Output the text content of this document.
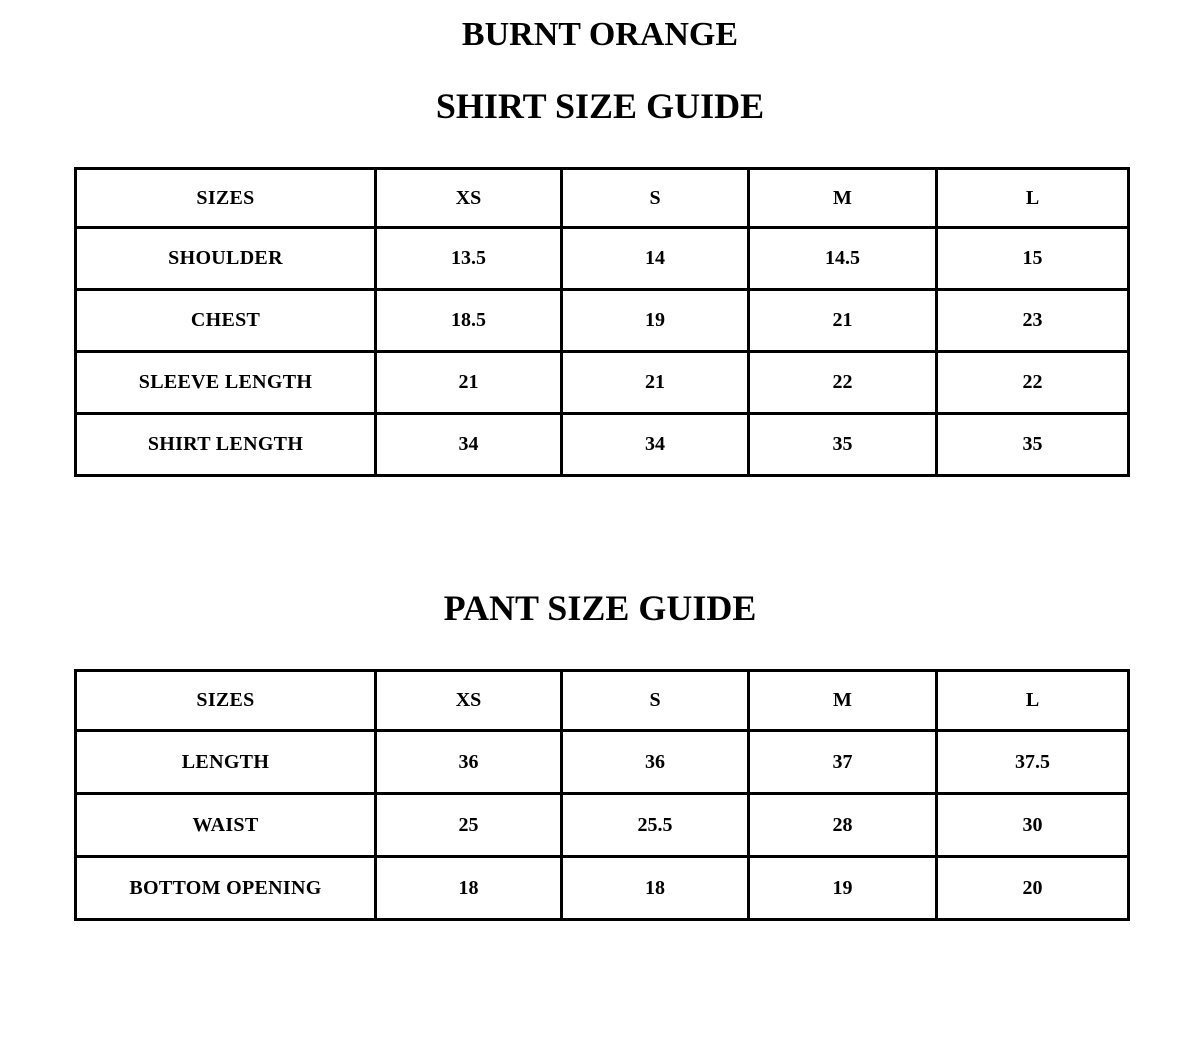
BURNT ORANGE
SHIRT SIZE GUIDE
SIZES	XS	S	M	L
SHOULDER	13.5	14	14.5	15
CHEST	18.5	19	21	23
SLEEVE LENGTH	21	21	22	22
SHIRT LENGTH	34	34	35	35
PANT SIZE GUIDE
SIZES	XS	S	M	L
LENGTH	36	36	37	37.5
WAIST	25	25.5	28	30
BOTTOM OPENING	18	18	19	20
